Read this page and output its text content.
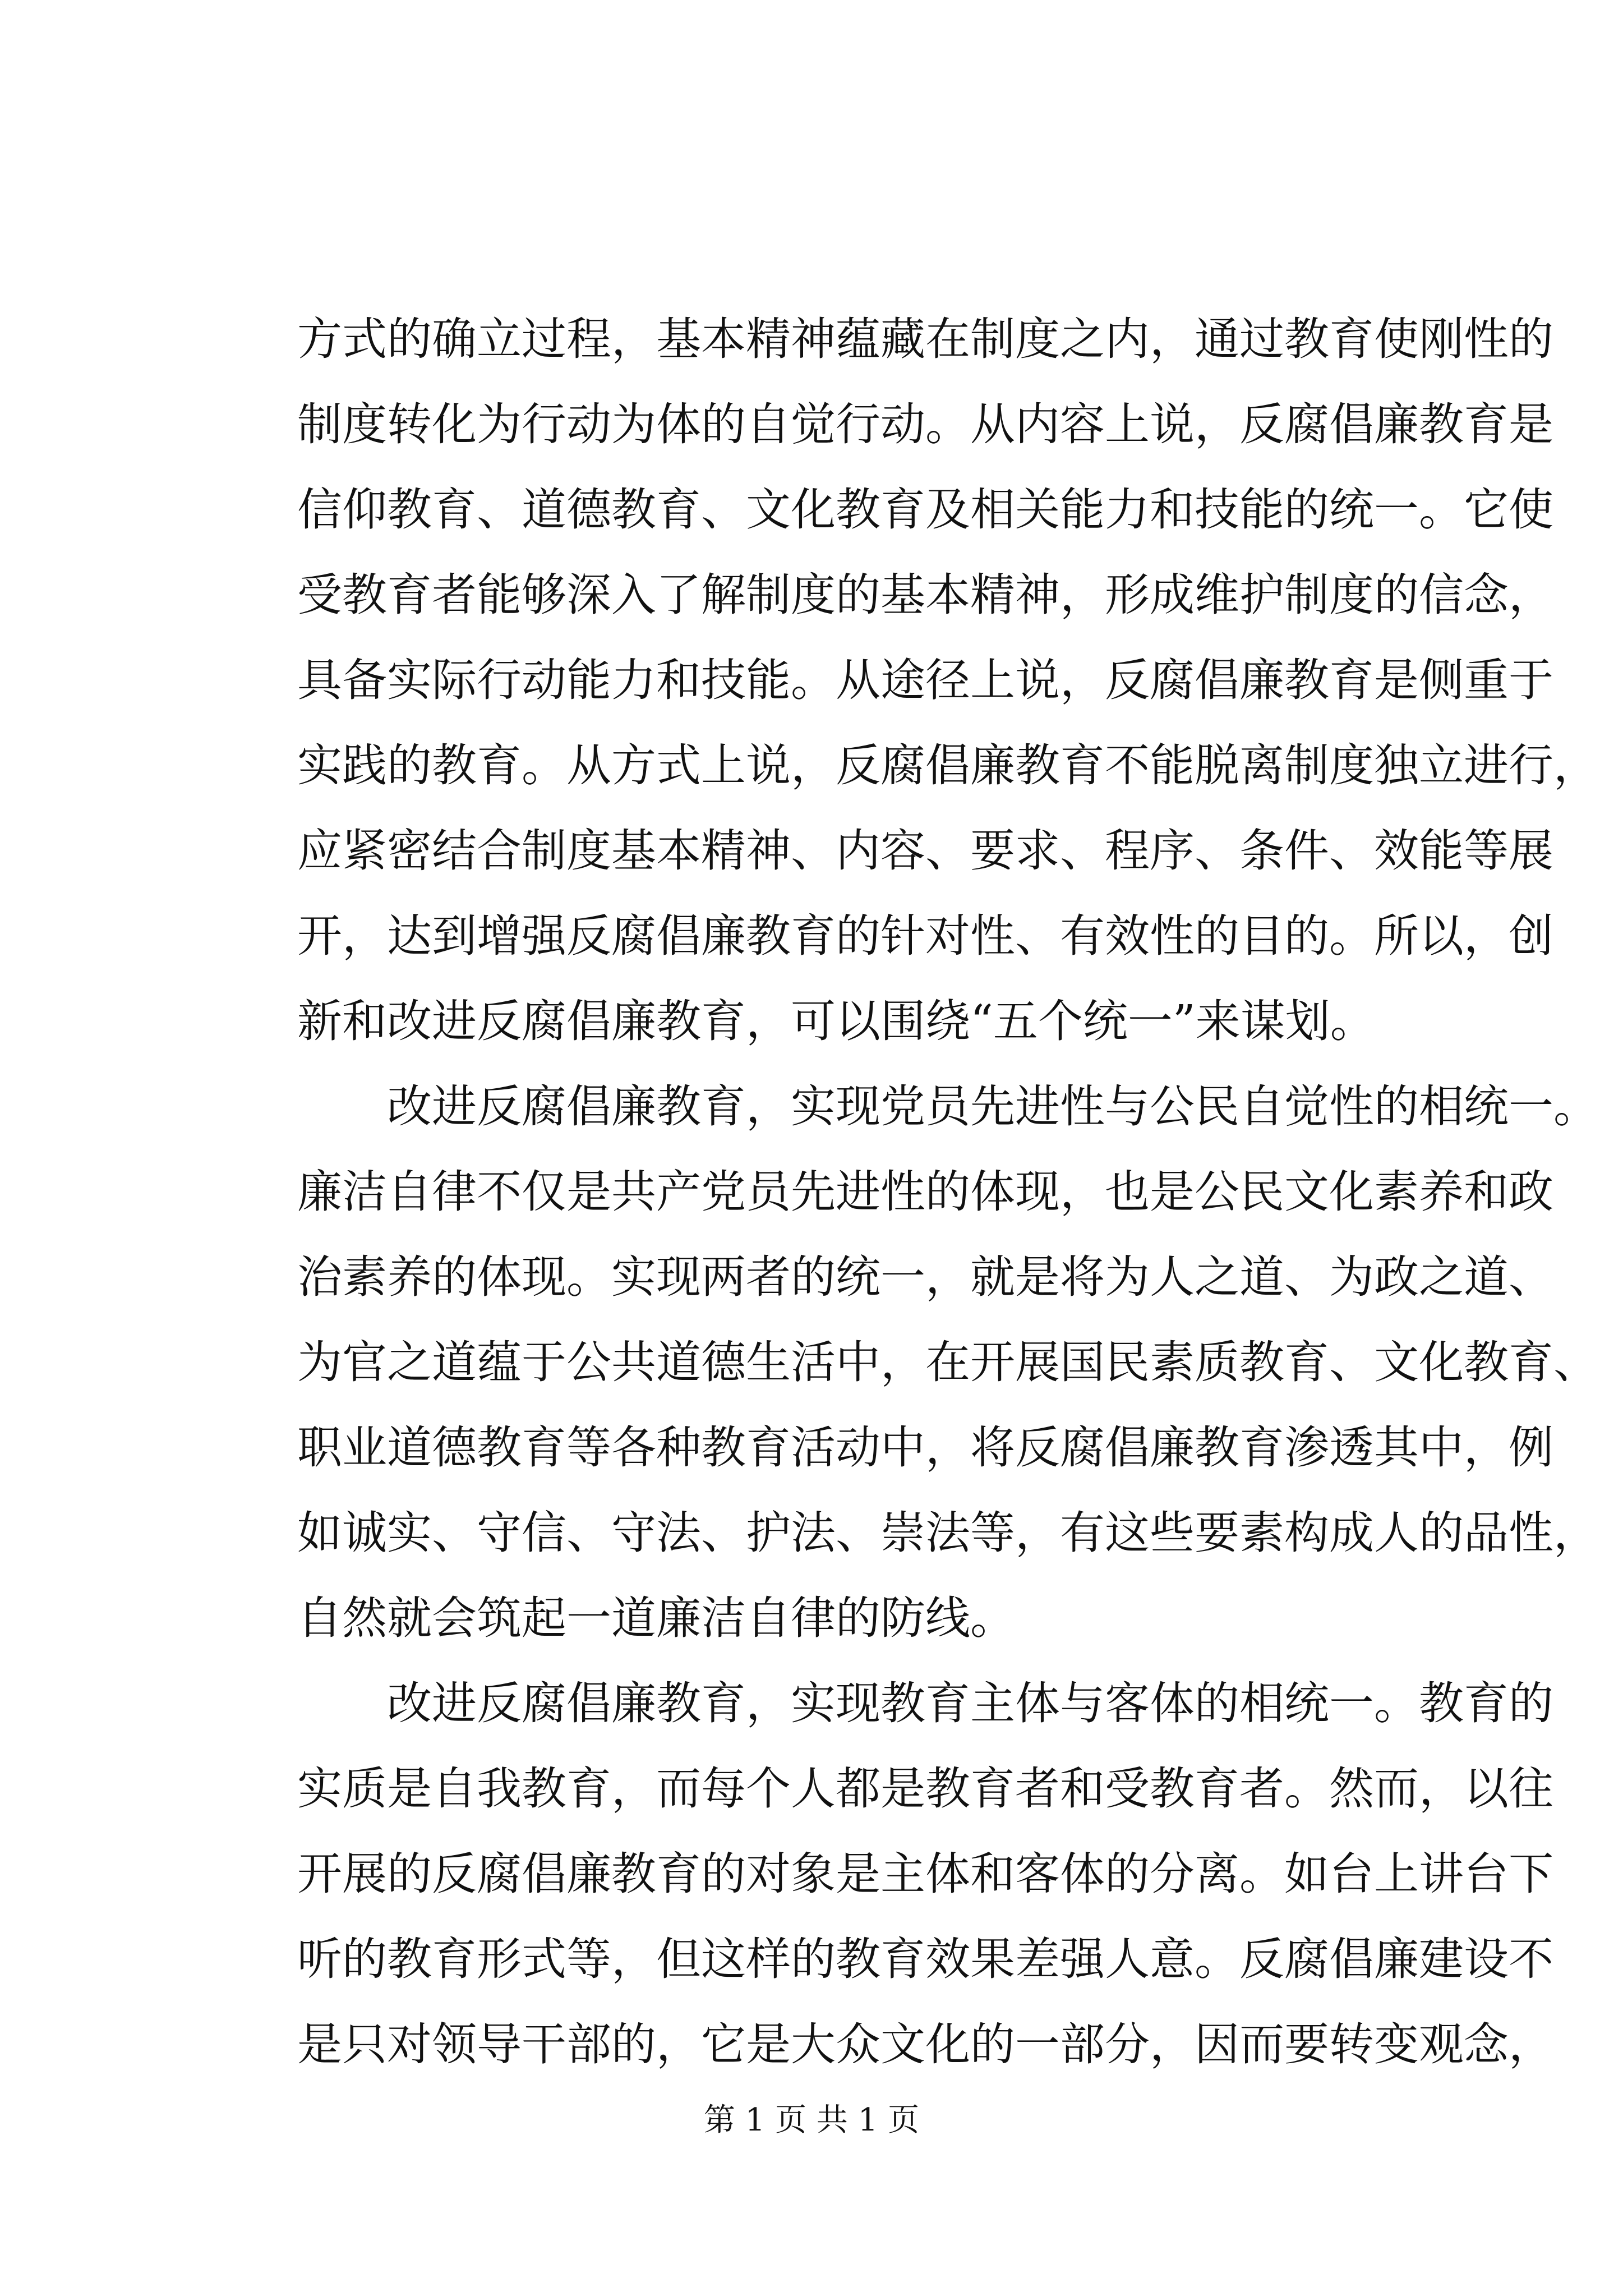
方式的确立过程，基本精神蕴藏在制度之内，通过教育使刚性的
制度转化为行动为体的自觉行动。从内容上说，反腐倡廉教育是
信仰教育、道德教育、文化教育及相关能力和技能的统一。它使
受教育者能够深入了解制度的基本精神，形成维护制度的信念，
具备实际行动能力和技能。从途径上说，反腐倡廉教育是侧重于
实践的教育。从方式上说，反腐倡廉教育不能脱离制度独立进行，
应紧密结合制度基本精神、内容、要求、程序、条件、效能等展
开，达到增强反腐倡廉教育的针对性、有效性的目的。所以，创
新和改进反腐倡廉教育，可以围绕“五个统一”来谋划。
改进反腐倡廉教育，实现党员先进性与公民自觉性的相统一。
廉洁自律不仅是共产党员先进性的体现，也是公民文化素养和政
治素养的体现。实现两者的统一，就是将为人之道、为政之道、
为官之道蕴于公共道德生活中，在开展国民素质教育、文化教育、
职业道德教育等各种教育活动中，将反腐倡廉教育渗透其中，例
如诚实、守信、守法、护法、崇法等，有这些要素构成人的品性，
自然就会筑起一道廉洁自律的防线。
改进反腐倡廉教育，实现教育主体与客体的相统一。教育的
实质是自我教育，而每个人都是教育者和受教育者。然而，以往
开展的反腐倡廉教育的对象是主体和客体的分离。如台上讲台下
听的教育形式等，但这样的教育效果差强人意。反腐倡廉建设不
是只对领导干部的，它是大众文化的一部分，因而要转变观念，
第 1 页 共 1 页
